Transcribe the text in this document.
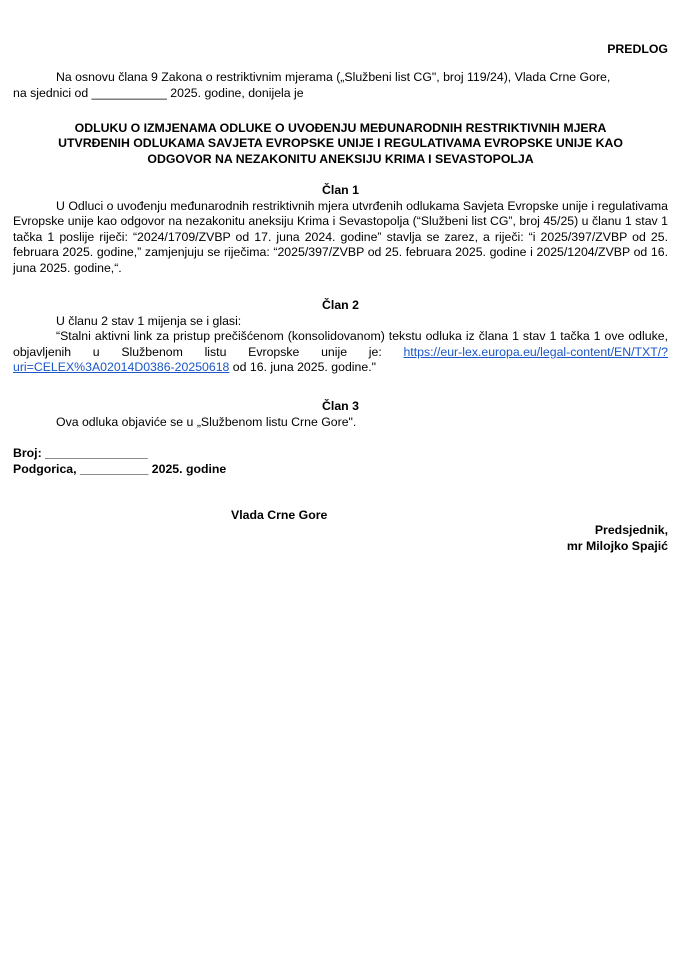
PREDLOG

Na osnovu člana 9 Zakona o restriktivnim mjerama („Službeni list CG", broj 119/24), Vlada Crne Gore,

na sjednici od ___________ 2025. godine, donijela je

ODLUKU O IZMJENAMA ODLUKE O UVOĐENJU MEĐUNARODNIH RESTRIKTIVNIH MJERA
UTVRĐENIH ODLUKAMA SAVJETA EVROPSKE UNIJE I REGULATIVAMA EVROPSKE UNIJE KAO
ODGOVOR NA NEZAKONITU ANEKSIJU KRIMA I SEVASTOPOLJA
Član 1

U Odluci o uvođenju međunarodnih restriktivnih mjera utvrđenih odlukama Savjeta Evropske unije i regulativama Evropske unije kao odgovor na nezakonitu aneksiju Krima i Sevastopolja (“Službeni list CG”, broj 45/25) u članu 1 stav 1 tačka 1 poslije riječi: “2024/1709/ZVBP od 17. juna 2024. godine” stavlja se zarez, a riječi: “i 2025/397/ZVBP od 25. februara 2025. godine,” zamjenjuju se riječima: “2025/397/ZVBP od 25. februara 2025. godine i 2025/1204/ZVBP od 16. juna 2025. godine,“.

Član 2

U članu 2 stav 1 mijenja se i glasi:

“Stalni aktivni link za pristup prečišćenom (konsolidovanom) tekstu odluka iz člana 1 stav 1 tačka 1 ove odluke, objavljenih u Službenom listu Evropske unije je: https://eur-lex.europa.eu/legal-content/EN/TXT/?uri=CELEX%3A02014D0386-20250618 od 16. juna 2025. godine."

Član 3

Ova odluka objaviće se u „Službenom listu Crne Gore".

Broj: _______________
Podgorica, __________ 2025. godine
Vlada Crne Gore
Predsjednik,
mr Milojko Spajić
